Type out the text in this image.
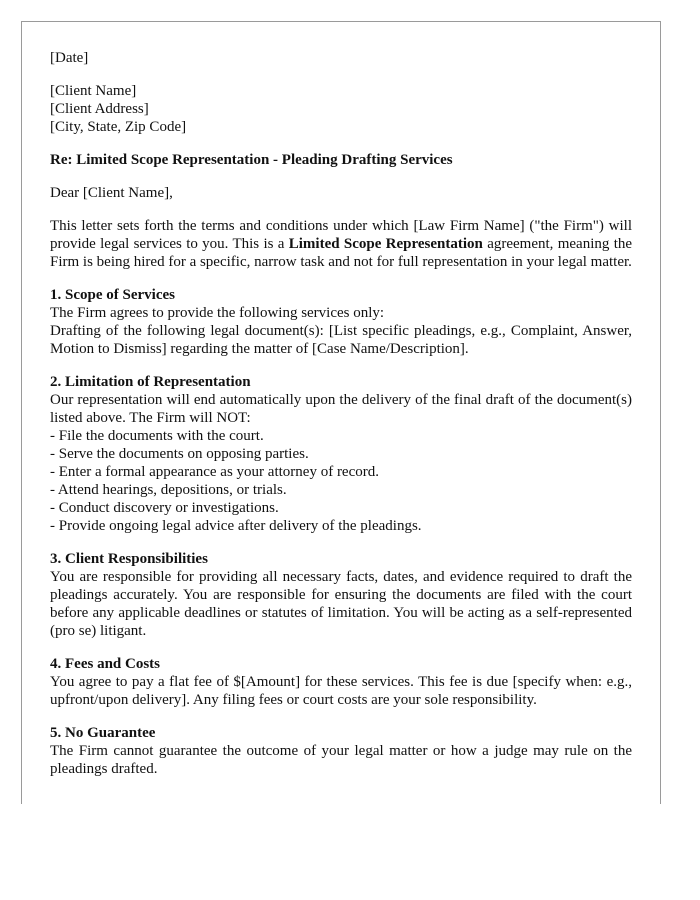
[Date]

[Client Name]

[Client Address]

[City, State, Zip Code]

Re: Limited Scope Representation - Pleading Drafting Services

Dear [Client Name],

This letter sets forth the terms and conditions under which [Law Firm Name] ("the Firm") will provide legal services to you. This is a Limited Scope Representation agreement, meaning the Firm is being hired for a specific, narrow task and not for full representation in your legal matter.

1. Scope of Services

The Firm agrees to provide the following services only:

Drafting of the following legal document(s): [List specific pleadings, e.g., Complaint, Answer, Motion to Dismiss] regarding the matter of [Case Name/Description].

2. Limitation of Representation

Our representation will end automatically upon the delivery of the final draft of the document(s) listed above. The Firm will NOT:

- File the documents with the court.
- Serve the documents on opposing parties.
- Enter a formal appearance as your attorney of record.
- Attend hearings, depositions, or trials.
- Conduct discovery or investigations.
- Provide ongoing legal advice after delivery of the pleadings.

3. Client Responsibilities

You are responsible for providing all necessary facts, dates, and evidence required to draft the pleadings accurately. You are responsible for ensuring the documents are filed with the court before any applicable deadlines or statutes of limitation. You will be acting as a self-represented (pro se) litigant.

4. Fees and Costs

You agree to pay a flat fee of $[Amount] for these services. This fee is due [specify when: e.g., upfront/upon delivery]. Any filing fees or court costs are your sole responsibility.

5. No Guarantee

The Firm cannot guarantee the outcome of your legal matter or how a judge may rule on the pleadings drafted.
